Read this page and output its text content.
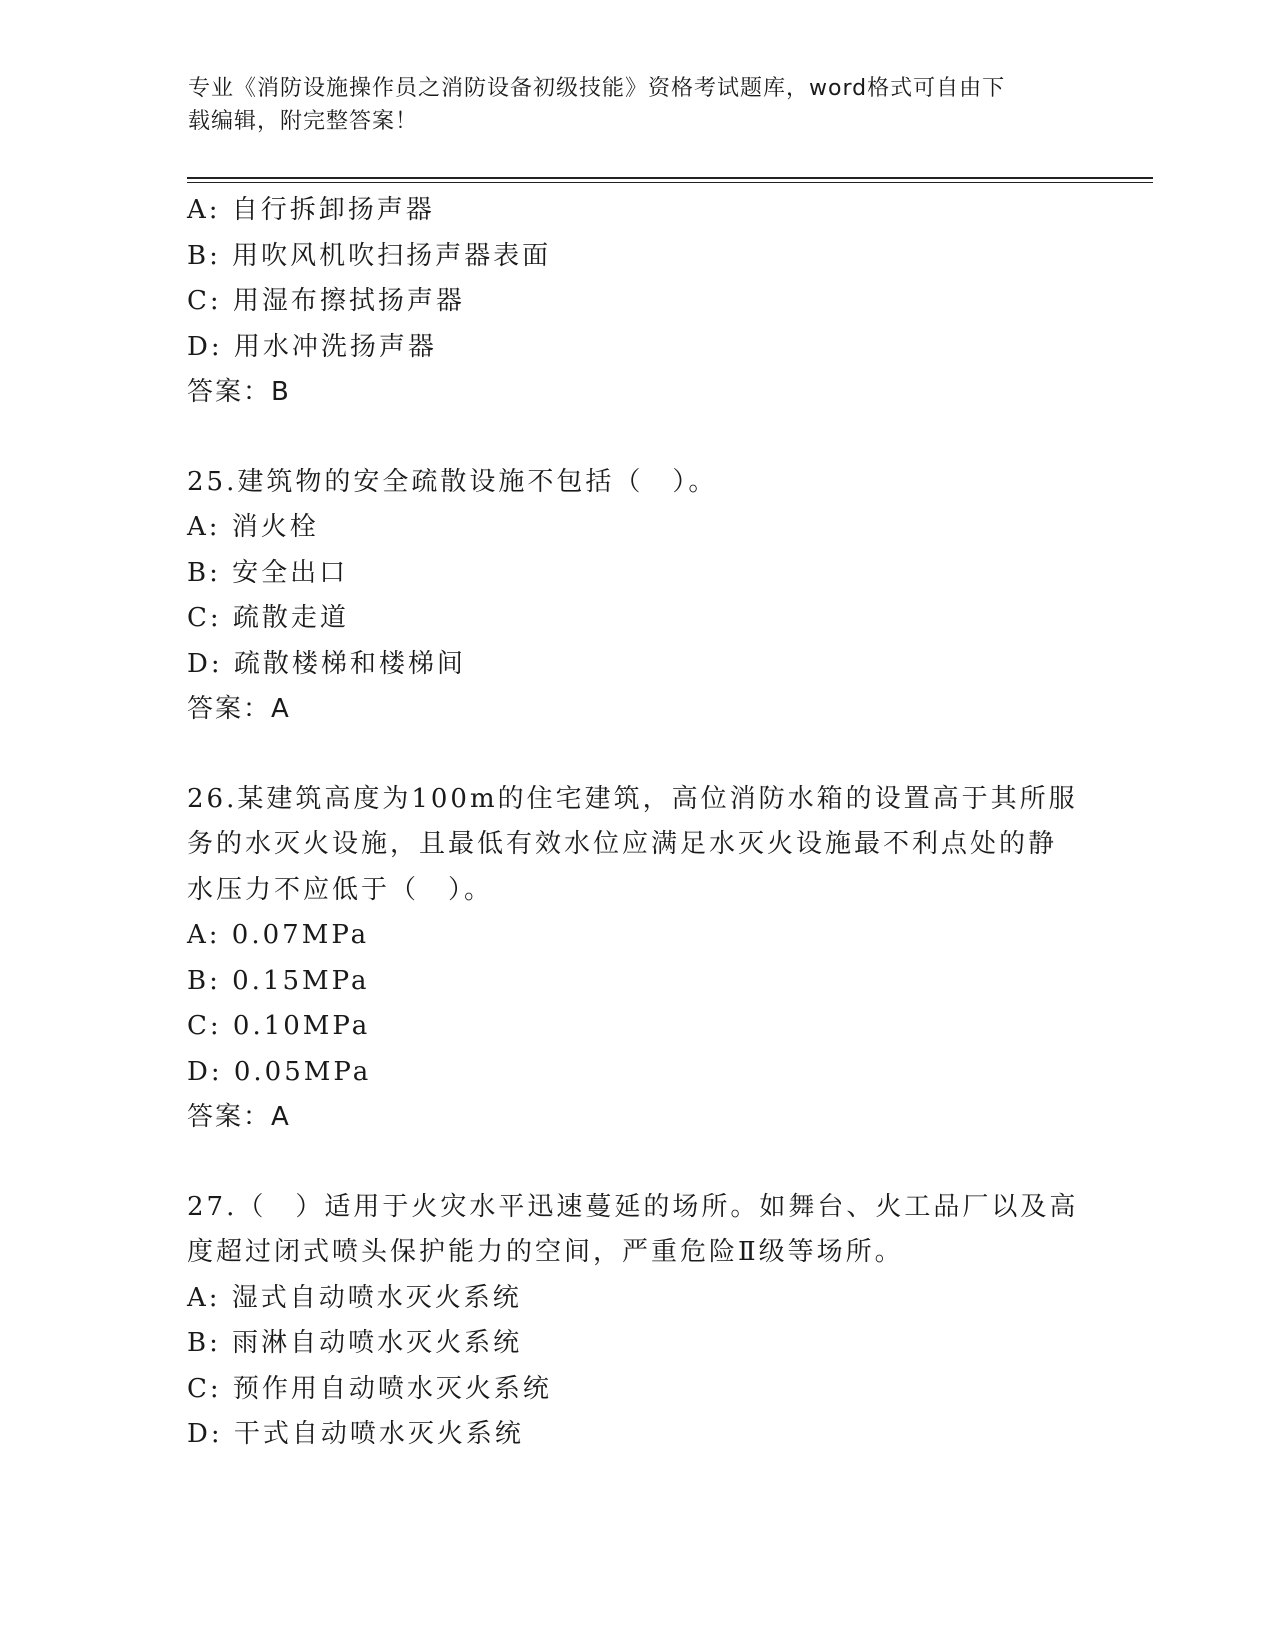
专业《消防设施操作员之消防设备初级技能》资格考试题库，word格式可自由下
载编辑，附完整答案！
A: 自行拆卸扬声器
B: 用吹风机吹扫扬声器表面
C: 用湿布擦拭扬声器
D: 用水冲洗扬声器
答案：B
25.建筑物的安全疏散设施不包括（　）。
A: 消火栓
B: 安全出口
C: 疏散走道
D: 疏散楼梯和楼梯间
答案：A
26.某建筑高度为100m的住宅建筑，高位消防水箱的设置高于其所服
务的水灭火设施，且最低有效水位应满足水灭火设施最不利点处的静
水压力不应低于（　）。
A: 0.07MPa
B: 0.15MPa
C: 0.10MPa
D: 0.05MPa
答案：A
27.（　）适用于火灾水平迅速蔓延的场所。如舞台、火工品厂以及高
度超过闭式喷头保护能力的空间，严重危险Ⅱ级等场所。
A: 湿式自动喷水灭火系统
B: 雨淋自动喷水灭火系统
C: 预作用自动喷水灭火系统
D: 干式自动喷水灭火系统
